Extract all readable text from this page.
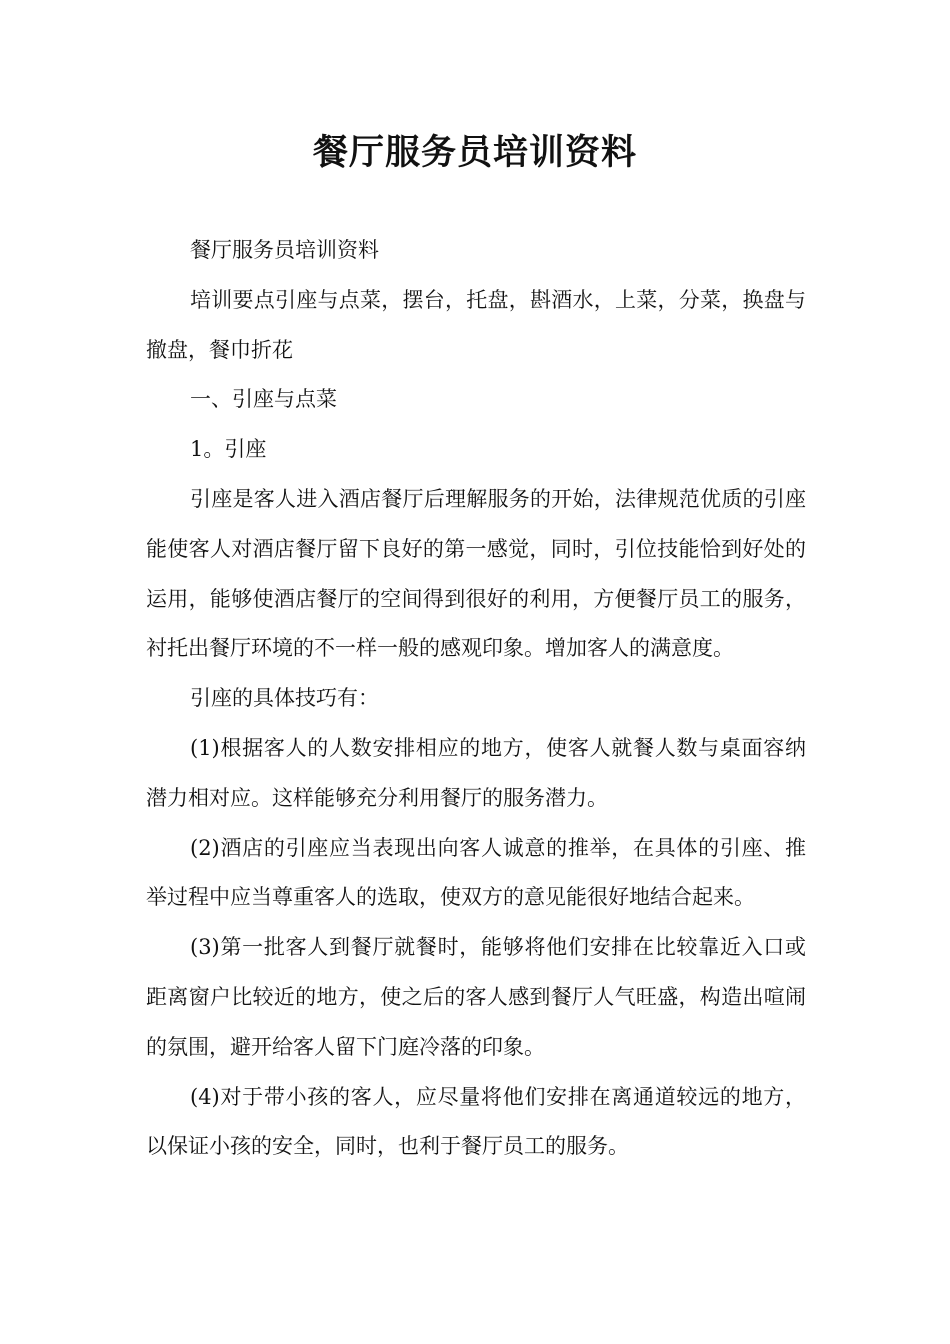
餐厅服务员培训资料

餐厅服务员培训资料

培训要点引座与点菜，摆台，托盘，斟酒水，上菜，分菜，换盘与撤盘，餐巾折花

一、引座与点菜

1。引座

引座是客人进入酒店餐厅后理解服务的开始，法律规范优质的引座能使客人对酒店餐厅留下良好的第一感觉，同时，引位技能恰到好处的运用，能够使酒店餐厅的空间得到很好的利用，方便餐厅员工的服务，衬托出餐厅环境的不一样一般的感观印象。增加客人的满意度。

引座的具体技巧有：

(1)根据客人的人数安排相应的地方，使客人就餐人数与桌面容纳潜力相对应。这样能够充分利用餐厅的服务潜力。

(2)酒店的引座应当表现出向客人诚意的推举，在具体的引座、推举过程中应当尊重客人的选取，使双方的意见能很好地结合起来。

(3)第一批客人到餐厅就餐时，能够将他们安排在比较靠近入口或距离窗户比较近的地方，使之后的客人感到餐厅人气旺盛，构造出喧闹的氛围，避开给客人留下门庭冷落的印象。

(4)对于带小孩的客人，应尽量将他们安排在离通道较远的地方，以保证小孩的安全，同时，也利于餐厅员工的服务。
